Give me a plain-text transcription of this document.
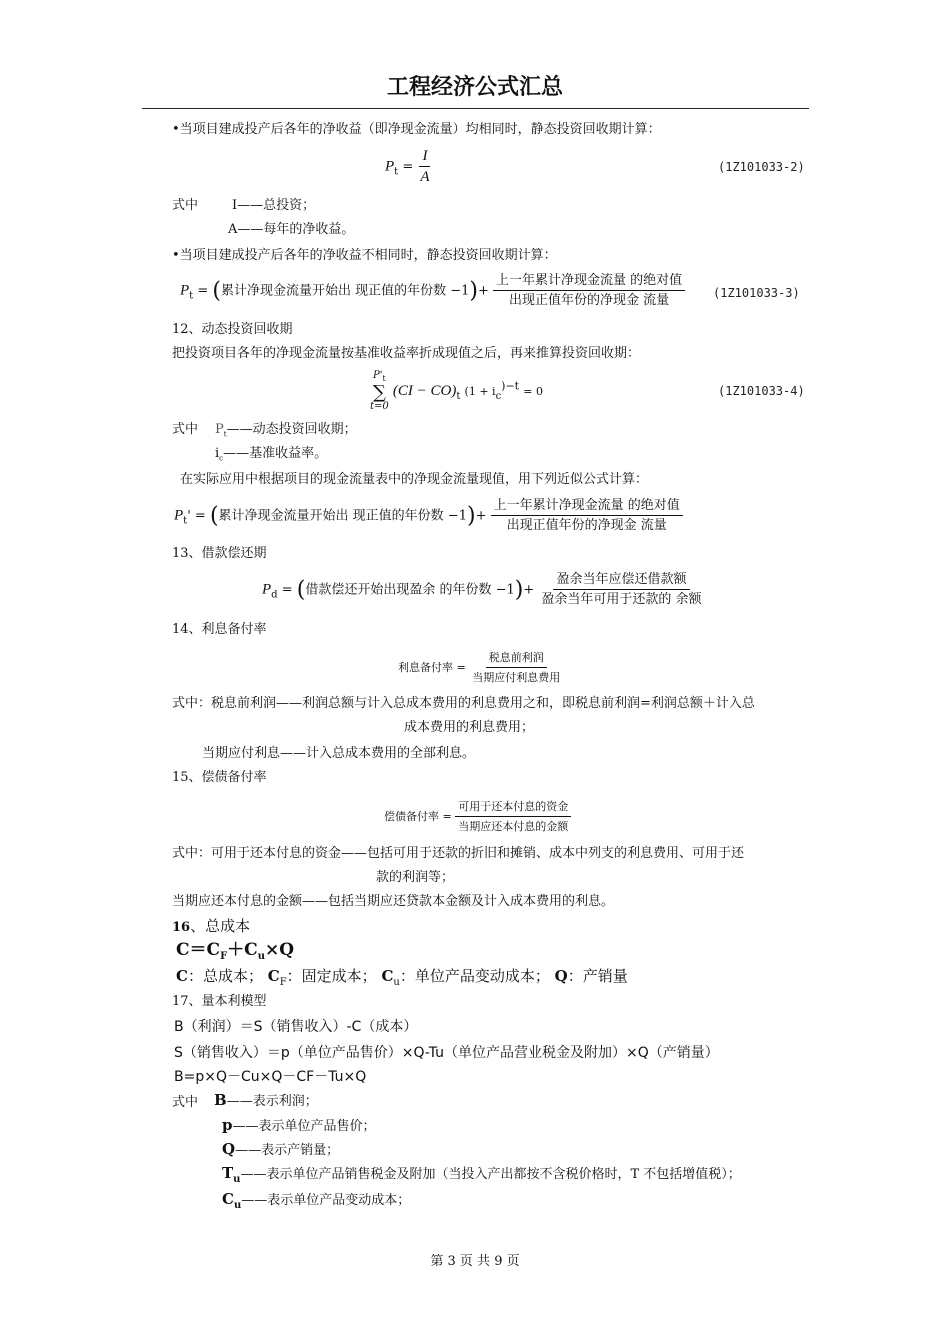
工程经济公式汇总
•当项目建成投产后各年的净收益（即净现金流量）均相同时，静态投资回收期计算：
$P_t = \frac{I}{A}$	(1Z101033-2)
式中	I——总投资；
A——每年的净收益。
•当项目建成投产后各年的净收益不相同时，静态投资回收期计算：
$P_t$ = (累计净现金流量开始出 现正值的年份数 $-1)+ \frac{\text{上一年累计净现金流量 的绝对值}}{\text{出现正值年份的净现金 流量}} (1Z101033-3)$
12、动态投资回收期
把投资项目各年的净现金流量按基准收益率折成现值之后，再来推算投资回收期：
$P'_t$
∑
t=0
$(CI - CO)_t$ ($1 + i_c^{)-t} = 0$	(1Z101033-4)
式中 $P_t——$动态投资回收期；
$i_c——$基准收益率。
在实际应用中根据项目的现金流量表中的净现金流量现值，用下列近似公式计算：
$P_t'$ = (累计净现金流量开始出 现正值的年份数 $-1)+ \frac{\text{上一年累计净现金流量 的绝对值}}{\text{出现正值年份的净现金 流量}}$
13、借款偿还期
$P_d$ = (借款偿还开始出现盈余 的年份数 $-1)+ \frac{\text{盈余当年应偿还借款额}}{\text{盈余当年可用于还款的 余额}}$
14、利息备付率
利息备付率 = $\frac{\text{税息前利润}}{\text{当期应付利息费用}}$
式中：税息前利润——利润总额与计入总成本费用的利息费用之和，即税息前利润=利润总额＋计入总
成本费用的利息费用；
当期应付利息——计入总成本费用的全部利息。
15、偿债备付率
偿债备付率 = $\frac{\text{可用于还本付息的资金}}{\text{当期应还本付息的金额}}$
式中：可用于还本付息的资金——包括可用于还款的折旧和摊销、成本中列支的利息费用、可用于还
款的利润等；
当期应还本付息的金额——包括当期应还贷款本金额及计入成本费用的利息。
16、总成本
$C=C_F+C_u\times Q$
C：总成本； $C_F$：固定成本； $C_u$：单位产品变动成本； Q：产销量
17、量本利模型
B（利润）＝S（销售收入）-C（成本）
S（销售收入）＝p（单位产品售价）×Q-Tu（单位产品营业税金及附加）×Q（产销量）
B=p×Q－Cu×Q－CF－Tu×Q
式中 B——表示利润；
p——表示单位产品售价；
Q——表示产销量；
$T_u——$表示单位产品销售税金及附加（当投入产出都按不含税价格时，T 不包括增值税）；
$C_u——$表示单位产品变动成本；
第 3 页 共 9 页
